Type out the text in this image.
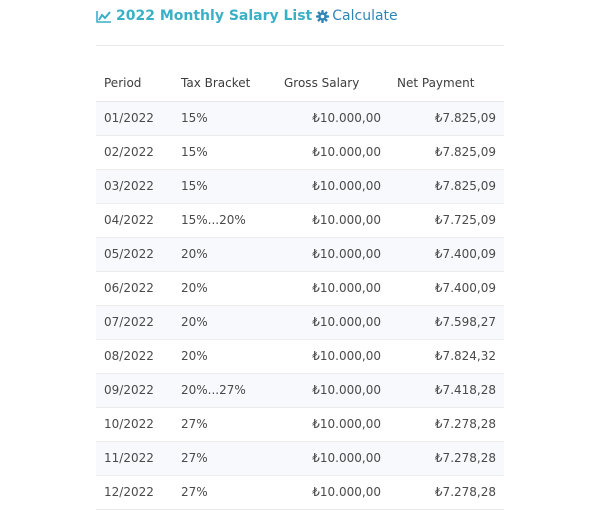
2022 Monthly Salary List Calculate
Period	Tax Bracket	Gross Salary	Net Payment
01/2022	15%	₺10.000,00	₺7.825,09
02/2022	15%	₺10.000,00	₺7.825,09
03/2022	15%	₺10.000,00	₺7.825,09
04/2022	15%...20%	₺10.000,00	₺7.725,09
05/2022	20%	₺10.000,00	₺7.400,09
06/2022	20%	₺10.000,00	₺7.400,09
07/2022	20%	₺10.000,00	₺7.598,27
08/2022	20%	₺10.000,00	₺7.824,32
09/2022	20%...27%	₺10.000,00	₺7.418,28
10/2022	27%	₺10.000,00	₺7.278,28
11/2022	27%	₺10.000,00	₺7.278,28
12/2022	27%	₺10.000,00	₺7.278,28
